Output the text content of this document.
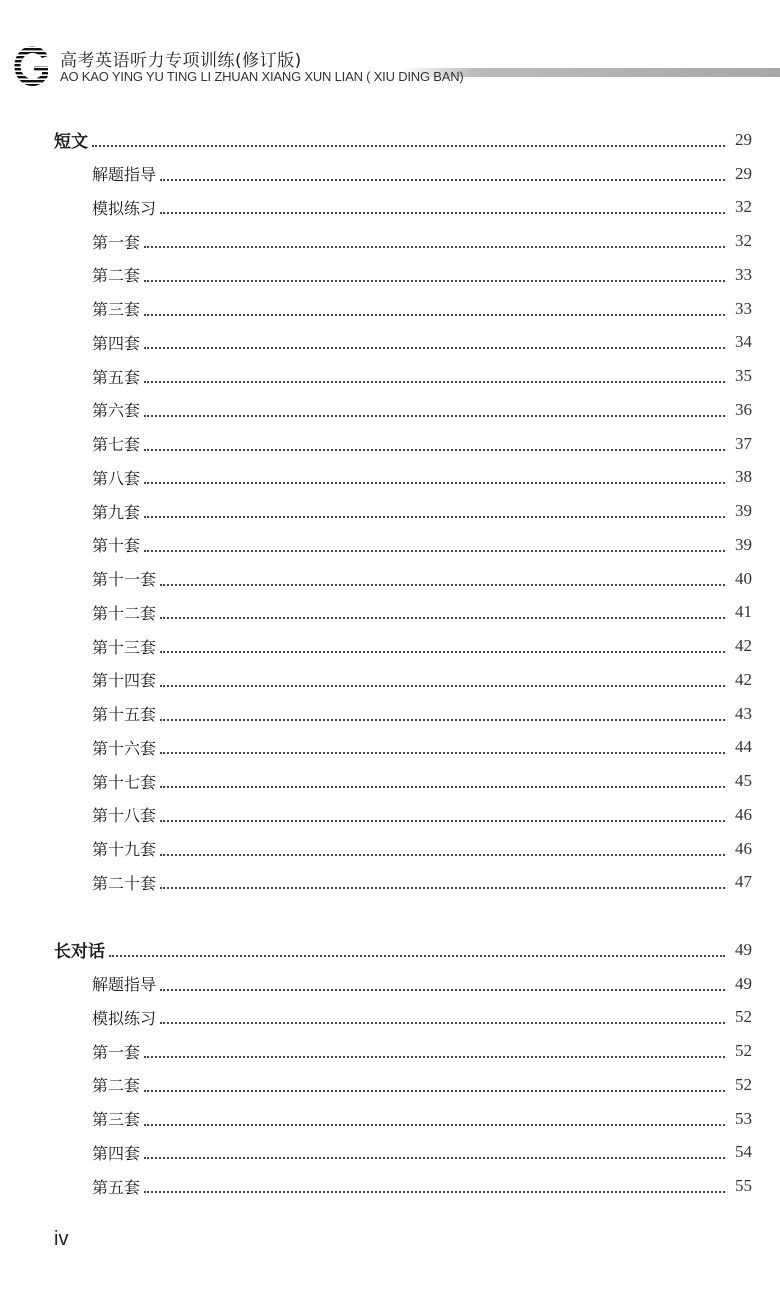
高考英语听力专项训练(修订版)
AO KAO YING YU TING LI ZHUAN XIANG XUN LIAN ( XIU DING BAN)
短文	29
解题指导	29
模拟练习	32
第一套	32
第二套	33
第三套	33
第四套	34
第五套	35
第六套	36
第七套	37
第八套	38
第九套	39
第十套	39
第十一套	40
第十二套	41
第十三套	42
第十四套	42
第十五套	43
第十六套	44
第十七套	45
第十八套	46
第十九套	46
第二十套	47
长对话	49
解题指导	49
模拟练习	52
第一套	52
第二套	52
第三套	53
第四套	54
第五套	55
iv
